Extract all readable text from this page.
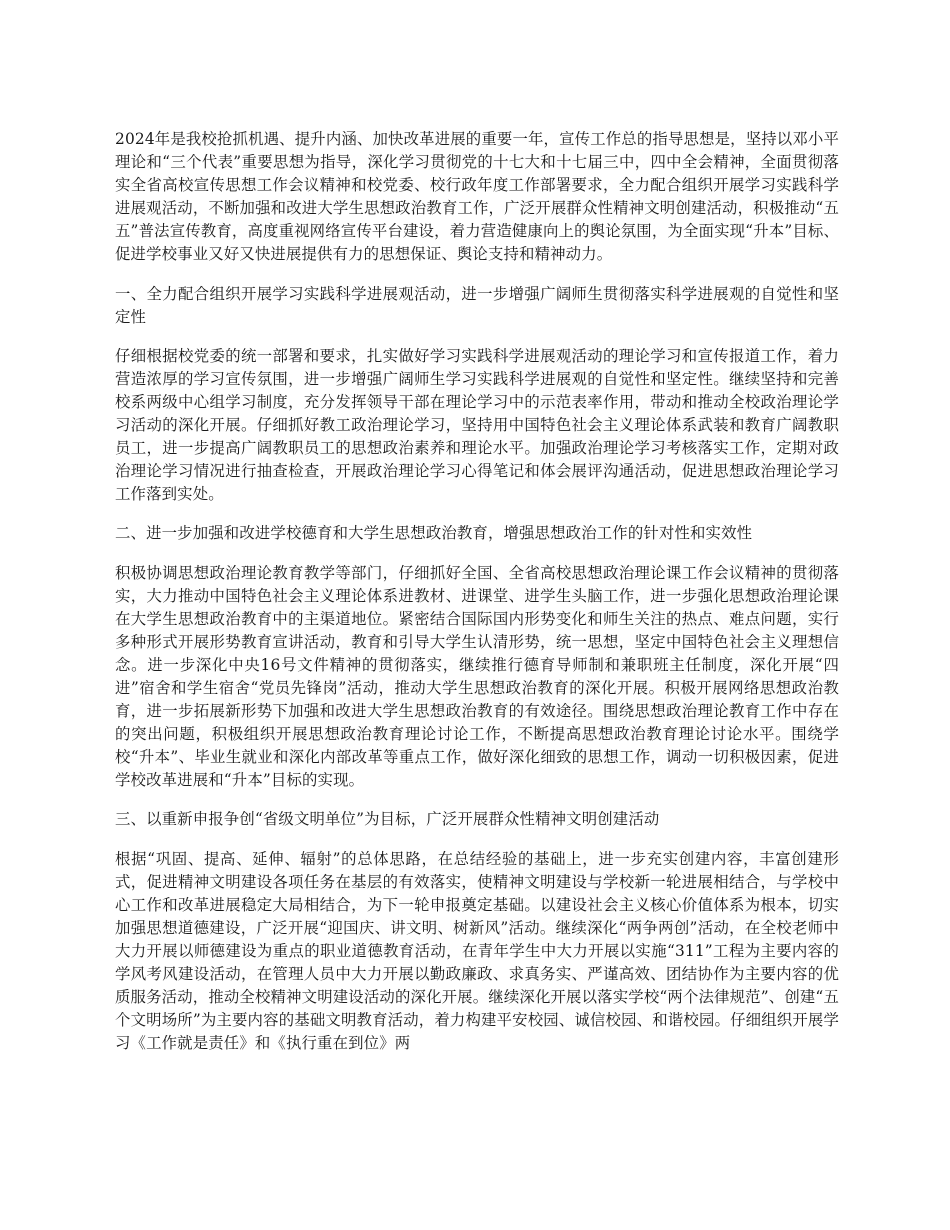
2024年是我校抢抓机遇、提升内涵、加快改革进展的重要一年，宣传工作总的指导思想是，坚持以邓小平理论和“三个代表”重要思想为指导，深化学习贯彻党的十七大和十七届三中，四中全会精神，全面贯彻落实全省高校宣传思想工作会议精神和校党委、校行政年度工作部署要求，全力配合组织开展学习实践科学进展观活动，不断加强和改进大学生思想政治教育工作，广泛开展群众性精神文明创建活动，积极推动“五五”普法宣传教育，高度重视网络宣传平台建设，着力营造健康向上的舆论氛围，为全面实现“升本”目标、促进学校事业又好又快进展提供有力的思想保证、舆论支持和精神动力。

一、全力配合组织开展学习实践科学进展观活动，进一步增强广阔师生贯彻落实科学进展观的自觉性和坚定性

仔细根据校党委的统一部署和要求，扎实做好学习实践科学进展观活动的理论学习和宣传报道工作，着力营造浓厚的学习宣传氛围，进一步增强广阔师生学习实践科学进展观的自觉性和坚定性。继续坚持和完善校系两级中心组学习制度，充分发挥领导干部在理论学习中的示范表率作用，带动和推动全校政治理论学习活动的深化开展。仔细抓好教工政治理论学习，坚持用中国特色社会主义理论体系武装和教育广阔教职员工，进一步提高广阔教职员工的思想政治素养和理论水平。加强政治理论学习考核落实工作，定期对政治理论学习情况进行抽查检查，开展政治理论学习心得笔记和体会展评沟通活动，促进思想政治理论学习工作落到实处。

二、进一步加强和改进学校德育和大学生思想政治教育，增强思想政治工作的针对性和实效性

积极协调思想政治理论教育教学等部门，仔细抓好全国、全省高校思想政治理论课工作会议精神的贯彻落实，大力推动中国特色社会主义理论体系进教材、进课堂、进学生头脑工作，进一步强化思想政治理论课在大学生思想政治教育中的主渠道地位。紧密结合国际国内形势变化和师生关注的热点、难点问题，实行多种形式开展形势教育宣讲活动，教育和引导大学生认清形势，统一思想，坚定中国特色社会主义理想信念。进一步深化中央16号文件精神的贯彻落实，继续推行德育导师制和兼职班主任制度，深化开展“四进”宿舍和学生宿舍“党员先锋岗”活动，推动大学生思想政治教育的深化开展。积极开展网络思想政治教育，进一步拓展新形势下加强和改进大学生思想政治教育的有效途径。围绕思想政治理论教育工作中存在的突出问题，积极组织开展思想政治教育理论讨论工作，不断提高思想政治教育理论讨论水平。围绕学校“升本”、毕业生就业和深化内部改革等重点工作，做好深化细致的思想工作，调动一切积极因素，促进学校改革进展和“升本”目标的实现。

三、以重新申报争创“省级文明单位”为目标，广泛开展群众性精神文明创建活动

根据“巩固、提高、延伸、辐射”的总体思路，在总结经验的基础上，进一步充实创建内容，丰富创建形式，促进精神文明建设各项任务在基层的有效落实，使精神文明建设与学校新一轮进展相结合，与学校中心工作和改革进展稳定大局相结合，为下一轮申报奠定基础。以建设社会主义核心价值体系为根本，切实加强思想道德建设，广泛开展“迎国庆、讲文明、树新风”活动。继续深化“两争两创”活动，在全校老师中大力开展以师德建设为重点的职业道德教育活动，在青年学生中大力开展以实施“311”工程为主要内容的学风考风建设活动，在管理人员中大力开展以勤政廉政、求真务实、严谨高效、团结协作为主要内容的优质服务活动，推动全校精神文明建设活动的深化开展。继续深化开展以落实学校“两个法律规范”、创建“五个文明场所”为主要内容的基础文明教育活动，着力构建平安校园、诚信校园、和谐校园。仔细组织开展学习《工作就是责任》和《执行重在到位》两
